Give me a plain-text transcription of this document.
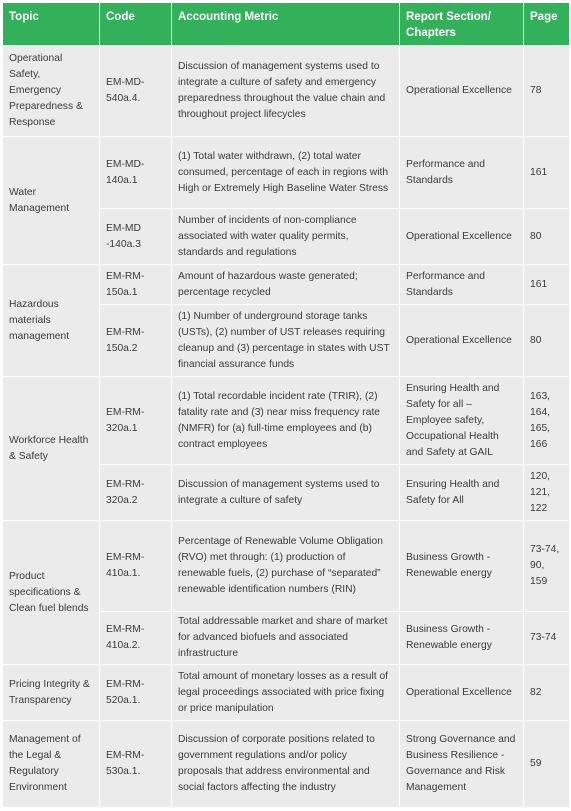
Topic	Code	Accounting Metric	Report Section/ Chapters	Page
Operational Safety, Emergency Preparedness & Response	EM-MD-540a.4.	Discussion of management systems used to integrate a culture of safety and emergency preparedness throughout the value chain and throughout project lifecycles	Operational Excellence	78
Water Management	EM-MD-140a.1	(1) Total water withdrawn, (2) total water consumed, percentage of each in regions with High or Extremely High Baseline Water Stress	Performance and Standards	161
	EM-MD -140a.3	Number of incidents of non-compliance associated with water quality permits, standards and regulations	Operational Excellence	80
Hazardous materials management	EM-RM-150a.1	Amount of hazardous waste generated; percentage recycled	Performance and Standards	161
	EM-RM-150a.2	(1) Number of underground storage tanks (USTs), (2) number of UST releases requiring cleanup and (3) percentage in states with UST financial assurance funds	Operational Excellence	80
Workforce Health & Safety	EM-RM-320a.1	(1) Total recordable incident rate (TRIR), (2) fatality rate and (3) near miss frequency rate (NMFR) for (a) full-time employees and (b) contract employees	Ensuring Health and Safety for all – Employee safety, Occupational Health and Safety at GAIL	163, 164, 165, 166
	EM-RM-320a.2	Discussion of management systems used to integrate a culture of safety	Ensuring Health and Safety for All	120, 121, 122
Product specifications & Clean fuel blends	EM-RM-410a.1.	Percentage of Renewable Volume Obligation (RVO) met through: (1) production of renewable fuels, (2) purchase of “separated” renewable identification numbers (RIN)	Business Growth - Renewable energy	73-74, 90, 159
	EM-RM-410a.2.	Total addressable market and share of market for advanced biofuels and associated infrastructure	Business Growth - Renewable energy	73-74
Pricing Integrity & Transparency	EM-RM-520a.1.	Total amount of monetary losses as a result of legal proceedings associated with price fixing or price manipulation	Operational Excellence	82
Management of the Legal & Regulatory Environment	EM-RM-530a.1.	Discussion of corporate positions related to government regulations and/or policy proposals that address environmental and social factors affecting the industry	Strong Governance and Business Resilience - Governance and Risk Management	59
